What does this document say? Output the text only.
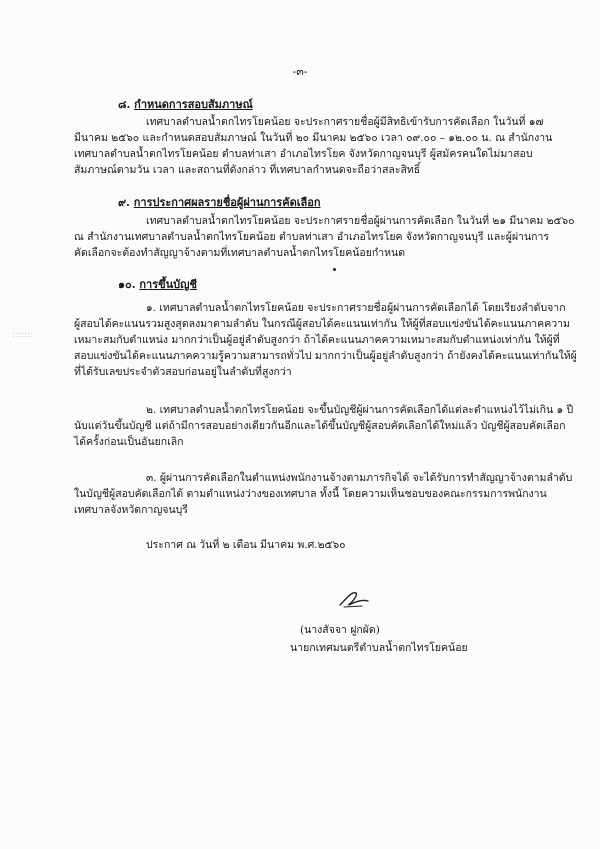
-๓-
๘. กำหนดการสอบสัมภาษณ์
เทศบาลตำบลน้ำตกไทรโยคน้อย จะประกาศรายชื่อผู้มีสิทธิเข้ารับการคัดเลือก ในวันที่ ๑๗
มีนาคม ๒๕๖๐ และกำหนดสอบสัมภาษณ์ ในวันที่ ๒๐ มีนาคม ๒๕๖๐ เวลา ๐๙.๐๐ – ๑๒.๐๐ น. ณ สำนักงาน
เทศบาลตำบลน้ำตกไทรโยคน้อย ตำบลท่าเสา อำเภอไทรโยค จังหวัดกาญจนบุรี ผู้สมัครคนใดไม่มาสอบ
สัมภาษณ์ตามวัน เวลา และสถานที่ดังกล่าว ที่เทศบาลกำหนดจะถือว่าสละสิทธิ์
๙. การประกาศผลรายชื่อผู้ผ่านการคัดเลือก
เทศบาลตำบลน้ำตกไทรโยคน้อย จะประกาศรายชื่อผู้ผ่านการคัดเลือก ในวันที่ ๒๑ มีนาคม ๒๕๖๐
ณ สำนักงานเทศบาลตำบลน้ำตกไทรโยคน้อย ตำบลท่าเสา อำเภอไทรโยค จังหวัดกาญจนบุรี และผู้ผ่านการ
คัดเลือกจะต้องทำสัญญาจ้างตามที่เทศบาลตำบลน้ำตกไทรโยคน้อยกำหนด
๑๐. การขึ้นบัญชี
๑. เทศบาลตำบลน้ำตกไทรโยคน้อย จะประกาศรายชื่อผู้ผ่านการคัดเลือกได้ โดยเรียงลำดับจาก
ผู้สอบได้คะแนนรวมสูงสุดลงมาตามลำดับ ในกรณีผู้สอบได้คะแนนเท่ากัน ให้ผู้ที่สอบแข่งขันได้คะแนนภาคความ
เหมาะสมกับตำแหน่ง มากกว่าเป็นผู้อยู่ลำดับสูงกว่า ถ้าได้คะแนนภาคความเหมาะสมกับตำแหน่งเท่ากัน ให้ผู้ที่
สอบแข่งขันได้คะแนนภาคความรู้ความสามารถทั่วไป มากกว่าเป็นผู้อยู่ลำดับสูงกว่า ถ้ายังคงได้คะแนนเท่ากันให้ผู้
ที่ได้รับเลขประจำตัวสอบก่อนอยู่ในลำดับที่สูงกว่า
:::::::
๒. เทศบาลตำบลน้ำตกไทรโยคน้อย จะขึ้นบัญชีผู้ผ่านการคัดเลือกได้แต่ละตำแหน่งไว้ไม่เกิน ๑ ปี
นับแต่วันขึ้นบัญชี แต่ถ้ามีการสอบอย่างเดียวกันอีกและได้ขึ้นบัญชีผู้สอบคัดเลือกได้ใหม่แล้ว บัญชีผู้สอบคัดเลือก
ได้ครั้งก่อนเป็นอันยกเลิก
๓. ผู้ผ่านการคัดเลือกในตำแหน่งพนักงานจ้างตามภารกิจได้ จะได้รับการทำสัญญาจ้างตามลำดับ
ในบัญชีผู้สอบคัดเลือกได้ ตามตำแหน่งว่างของเทศบาล ทั้งนี้ โดยความเห็นชอบของคณะกรรมการพนักงาน
เทศบาลจังหวัดกาญจนบุรี
ประกาศ ณ วันที่ ๒ เดือน มีนาคม พ.ศ.๒๕๖๐
(นางสัจจา ฝูกผัด)
นายกเทศมนตรีตำบลน้ำตกไทรโยคน้อย
